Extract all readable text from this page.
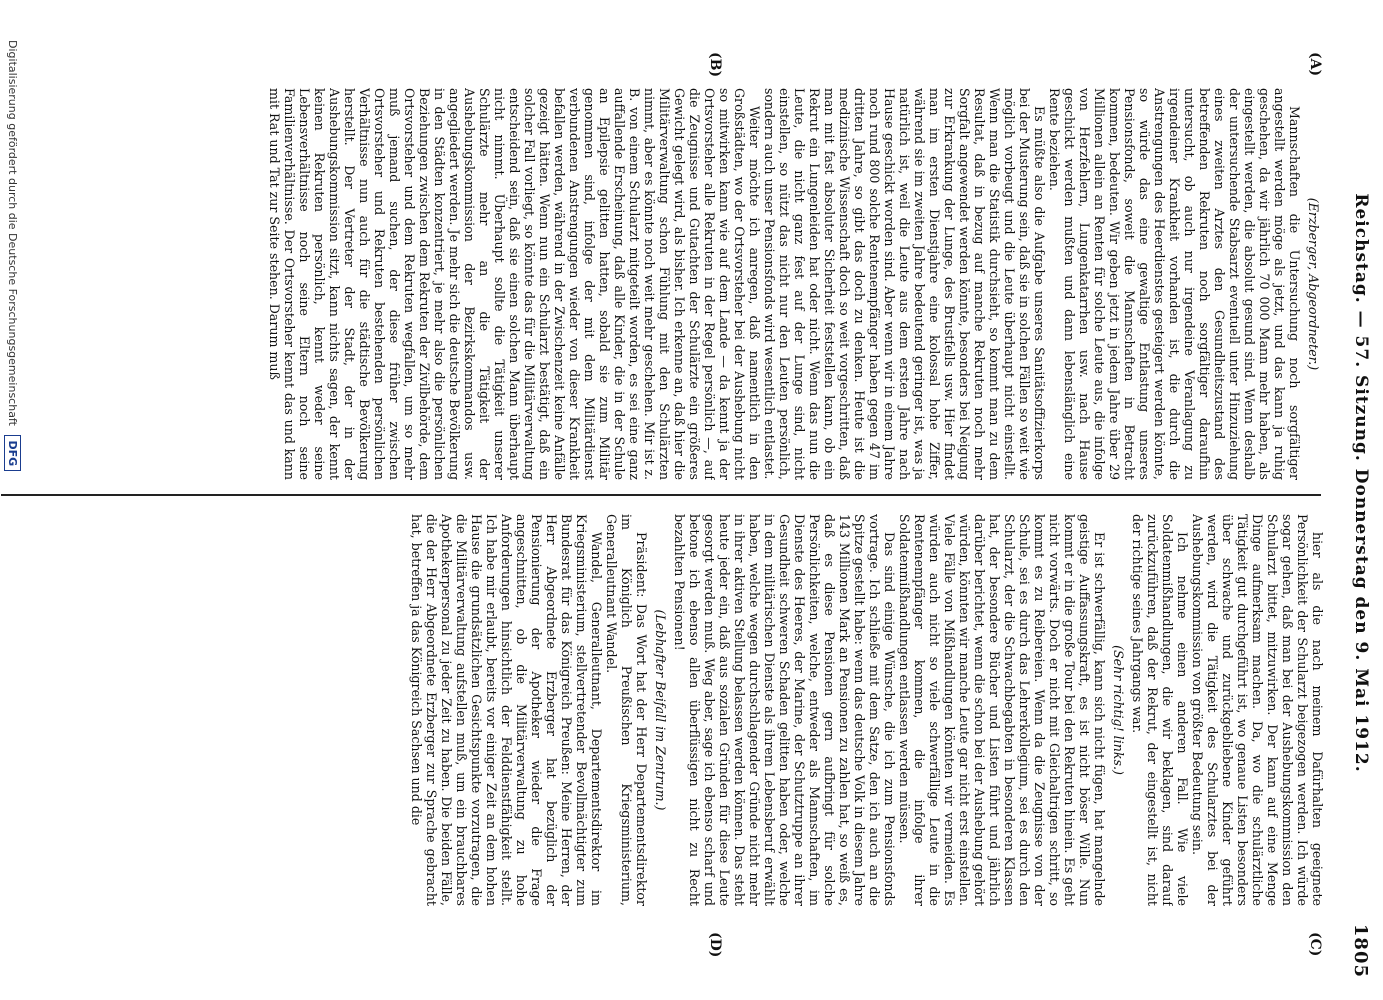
Reichstag. — 57. Sitzung. Donnerstag den 9. Mai 1912.
1805
(A)
(B)
(C)
(D)

(Erzberger, Abgeordneter.)

Mannschaften die Untersuchung noch sorgfältiger angestellt werden möge als jetzt, und das kann ja ruhig geschehen, da wir jährlich 70 000 Mann mehr haben, als eingestellt werden, die absolut gesund sind. Wenn deshalb der untersuchende Stabsarzt eventuell unter Hinzuziehung eines zweiten Arztes den Gesundheitszustand des betreffenden Rekruten noch sorgfältiger daraufhin untersucht, ob auch nur irgendeine Veranlagung zu irgendeiner Krankheit vorhanden ist, die durch die Anstrengungen des Heerdienstes gesteigert werden könnte, so würde das eine gewaltige Entlastung unseres Pensionsfonds, soweit die Mannschaften in Betracht kommen, bedeuten. Wir geben jetzt in jedem Jahre über 29 Millionen allein an Renten für solche Leute aus, die infolge von Herzfehlern, Lungenkatarrhen usw. nach Hause geschickt werden mußten und dann lebenslänglich eine Rente beziehen.

Es müßte also die Aufgabe unseres Sanitätsoffizierkorps bei der Musterung sein, daß sie in solchen Fällen so weit wie möglich vorbeugt und die Leute überhaupt nicht einstellt. Wenn man die Statistik durchsieht, so kommt man zu dem Resultat, daß in bezug auf manche Rekruten noch mehr Sorgfalt angewendet werden könnte, besonders bei Neigung zur Erkrankung der Lunge, des Brustfells usw. Hier findet man im ersten Dienstjahre eine kolossal hohe Ziffer, während sie im zweiten Jahre bedeutend geringer ist, was ja natürlich ist, weil die Leute aus dem ersten Jahre nach Hause geschickt worden sind. Aber wenn wir in einem Jahre noch rund 800 solche Rentenempfänger haben gegen 47 im dritten Jahre, so gibt das doch zu denken. Heute ist die medizinische Wissenschaft doch so weit vorgeschritten, daß man mit fast absoluter Sicherheit feststellen kann, ob ein Rekrut ein Lungenleiden hat oder nicht. Wenn das nun die Leute, die nicht ganz fest auf der Lunge sind, nicht einstellen, so nützt das nicht nur den Leuten persönlich, sondern auch unser Pensionsfonds wird wesentlich entlastet.

Weiter möchte ich anregen, daß namentlich in den Großstädten, wo der Ortsvorsteher bei der Aushebung nicht so mitwirken kann wie auf dem Lande — da kennt ja der Ortsvorsteher alle Rekruten in der Regel persönlich —, auf die Zeugnisse und Gutachten der Schulärzte ein größeres Gewicht gelegt wird, als bisher. Ich erkenne an, daß hier die Militärverwaltung schon Fühlung mit den Schulärzten nimmt, aber es könnte noch weit mehr geschehen. Mir ist z. B. von einem Schularzt mitgeteilt worden, es sei eine ganz auffallende Erscheinung, daß alle Kinder, die in der Schule an Epilepsie gelitten hatten, sobald sie zum Militär genommen sind, infolge der mit dem Militärdienst verbundenen Anstrengungen wieder von dieser Krankheit befallen werden, während in der Zwischenzeit keine Anfälle gezeigt hätten. Wenn nun ein Schularzt bestätigt, daß ein solcher Fall vorliegt, so könnte das für die Militärverwaltung entscheidend sein, daß sie einen solchen Mann überhaupt nicht nimmt. Überhaupt sollte die Tätigkeit unserer Schulärzte mehr an die Tätigkeit der Aushebungskommission der Bezirkskommandos usw. angegliedert werden. Je mehr sich die deutsche Bevölkerung in den Städten konzentriert, je mehr also die persönlichen Beziehungen zwischen dem Rekruten der Zivilbehörde, dem Ortsvorsteher und dem Rekruten wegfallen, um so mehr muß jemand suchen, der diese früher zwischen Ortsvorsteher und Rekruten bestehenden persönlichen Verhältnisse nun auch für die städtische Bevölkerung herstellt. Der Vertreter der Stadt, der in der Aushebungskommission sitzt, kann nichts sagen, der kennt keinen Rekruten persönlich, kennt weder seine Lebensverhältnisse noch seine Eltern noch seine Familienverhältnisse. Der Ortsvorsteher kennt das und kann mit Rat und Tat zur Seite stehen. Darum muß

hier als die nach meinem Dafürhalten geeignete Persönlichkeit der Schularzt beigezogen werden. Ich würde sogar gehen, daß man bei der Aushebungskommission den Schularzt bittet, mitzuwirken. Der kann auf eine Menge Dinge aufmerksam machen. Da, wo die schulärztliche Tätigkeit gut durchgeführt ist, wo genaue Listen besonders über schwache und zurückgebliebene Kinder geführt werden, wird die Tätigkeit des Schularztes bei der Aushebungskommission von größter Bedeutung sein.

Ich nehme einen anderen Fall. Wie viele Soldatenmißhandlungen, die wir beklagen, sind darauf zurückzuführen, daß der Rekrut, der eingestellt ist, nicht der richtige seines Jahrgangs war.

(Sehr richtig! links.)

Er ist schwerfällig, kann sich nicht fügen, hat mangelnde geistige Auffassungskraft, es ist nicht böser Wille. Nun kommt er in die große Tour bei den Rekruten hinein. Es geht nicht vorwärts. Doch er nicht mit Gleichaltrigen schritt, so kommt es zu Reibereien. Wenn da die Zeugnisse von der Schule, sei es durch das Lehrerkollegium, sei es durch den Schularzt, der die Schwachbegabten in besonderen Klassen hat, der besondere Bücher und Listen führt und jährlich darüber berichtet, wenn die schon bei der Aushebung gehört würden, könnten wir manche Leute gar nicht erst einstellen. Viele Fälle von Mißhandlungen könnten wir vermeiden. Es würden auch nicht so viele schwerfällige Leute in die Rentenempfänger kommen, die infolge ihrer Soldatenmißhandlungen entlassen werden müssen.

Das sind einige Wünsche, die ich zum Pensionsfonds vortrage. Ich schließe mit dem Satze, den ich auch an die Spitze gestellt habe: wenn das deutsche Volk in diesem Jahre 143 Millionen Mark an Pensionen zu zahlen hat, so weiß es, daß es diese Pensionen gern aufbringt für solche Persönlichkeiten, welche, entweder als Mannschaften, im Dienste des Heeres, der Marine, der Schutztruppe an ihrer Gesundheit schweren Schaden gelitten haben oder, welche in dem militärischen Dienste als ihrem Lebensberuf erwählt haben, welche wegen durchschlagender Gründe nicht mehr in ihrer aktiven Stellung belassen werden können. Das steht heute jeder ein, daß aus sozialen Gründen für diese Leute gesorgt werden muß. Weg aber, sage ich ebenso scharf und betone ich ebenso allen überflüssigen nicht zu Recht bezahlten Pensionen!

(Lebhafter Beifall im Zentrum.)

Präsident: Das Wort hat der Herr Departementsdirektor im Königlich Preußischen Kriegsministerium, Generalleutnant Wandel.

Wandel, Generalleutnant, Departementsdirektor im Kriegsministerium, stellvertretender Bevollmächtigter zum Bundesrat für das Königreich Preußen: Meine Herren, der Herr Abgeordnete Erzberger hat bezüglich der Pensionierung der Apotheker wieder die Frage angeschnitten, ob die Militärverwaltung zu hohe Anforderungen hinsichtlich der Felddienstfähigkeit stellt. Ich habe mir erlaubt, bereits vor einiger Zeit an dem hohen Hause die grundsätzlichen Gesichtspunkte vorzutragen, die die Militärverwaltung aufstellen muß, um ein brauchbares Apothekerpersonal zu jeder Zeit zu haben. Die beiden Fälle, die der Herr Abgeordnete Erzberger zur Sprache gebracht hat, betreffen ja das Königreich Sachsen und die

Digitalisierung gefördert durch die Deutsche Forschungsgemeinschaft DFG
